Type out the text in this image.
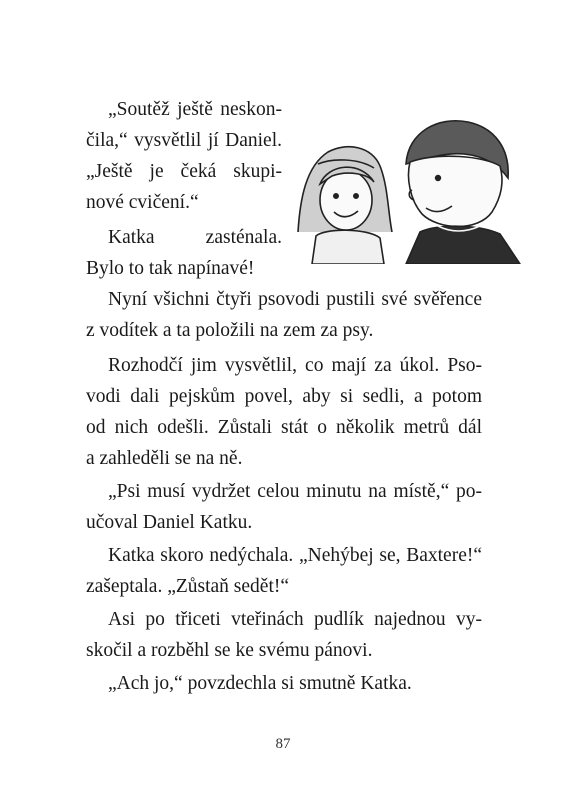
„Soutěž ještě neskon-
čila,“ vysvětlil jí Daniel.
„Ještě je čeká skupi-
nové cvičení.“
Katka zasténala.
Bylo to tak napínavé!
Nyní všichni čtyři psovodi pustili své svěřence
z vodítek a ta položili na zem za psy.
Rozhodčí jim vysvětlil, co mají za úkol. Pso-
vodi dali pejskům povel, aby si sedli, a potom
od nich odešli. Zůstali stát o několik metrů dál
a zahleděli se na ně.
„Psi musí vydržet celou minutu na místě,“ po-
učoval Daniel Katku.
Katka skoro nedýchala. „Nehýbej se, Baxtere!“
zašeptala. „Zůstaň sedět!“
Asi po třiceti vteřinách pudlík najednou vy-
skočil a rozběhl se ke svému pánovi.
„Ach jo,“ povzdechla si smutně Katka.
87
